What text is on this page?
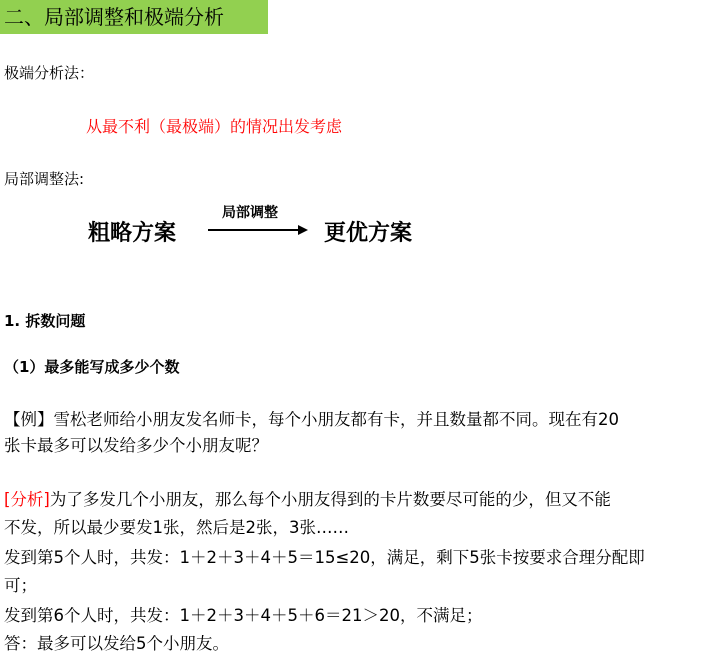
二、局部调整和极端分析
极端分析法：
从最不利（最极端）的情况出发考虑
局部调整法:
粗略方案
局部调整
更优方案
1. 拆数问题
（1）最多能写成多少个数
【例】雪松老师给小朋友发名师卡，每个小朋友都有卡，并且数量都不同。现在有20
张卡最多可以发给多少个小朋友呢？
[分析]为了多发几个小朋友，那么每个小朋友得到的卡片数要尽可能的少，但又不能
不发，所以最少要发1张，然后是2张，3张……
发到第5个人时，共发：1＋2＋3＋4＋5＝15≤20，满足，剩下5张卡按要求合理分配即
可；
发到第6个人时，共发：1＋2＋3＋4＋5＋6＝21＞20，不满足；
答：最多可以发给5个小朋友。
